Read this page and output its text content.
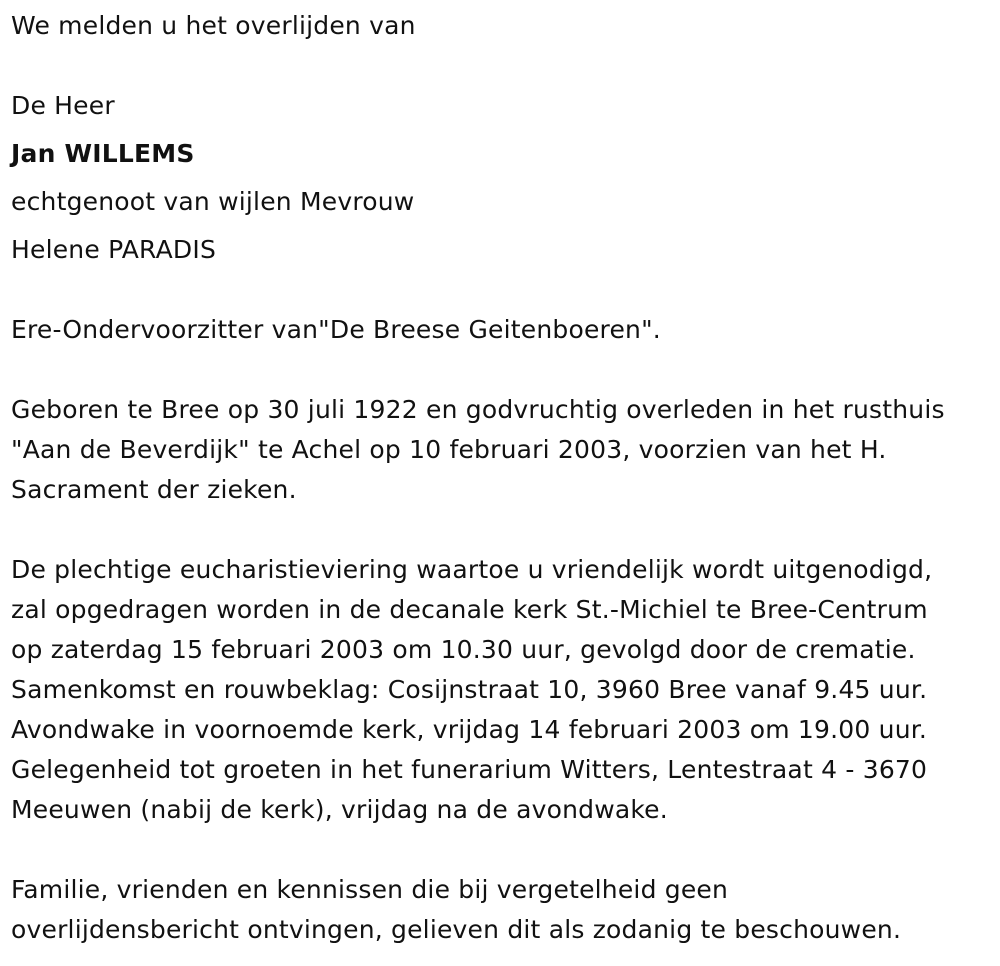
We melden u het overlijden van
De Heer
Jan WILLEMS
echtgenoot van wijlen Mevrouw
Helene PARADIS
Ere-Ondervoorzitter van"De Breese Geitenboeren".
Geboren te Bree op 30 juli 1922 en godvruchtig overleden in het rusthuis
"Aan de Beverdijk" te Achel op 10 februari 2003, voorzien van het H.
Sacrament der zieken.
De plechtige eucharistieviering waartoe u vriendelijk wordt uitgenodigd,
zal opgedragen worden in de decanale kerk St.-Michiel te Bree-Centrum
op zaterdag 15 februari 2003 om 10.30 uur, gevolgd door de crematie.
Samenkomst en rouwbeklag: Cosijnstraat 10, 3960 Bree vanaf 9.45 uur.
Avondwake in voornoemde kerk, vrijdag 14 februari 2003 om 19.00 uur.
Gelegenheid tot groeten in het funerarium Witters, Lentestraat 4 - 3670
Meeuwen (nabij de kerk), vrijdag na de avondwake.
Familie, vrienden en kennissen die bij vergetelheid geen
overlijdensbericht ontvingen, gelieven dit als zodanig te beschouwen.
